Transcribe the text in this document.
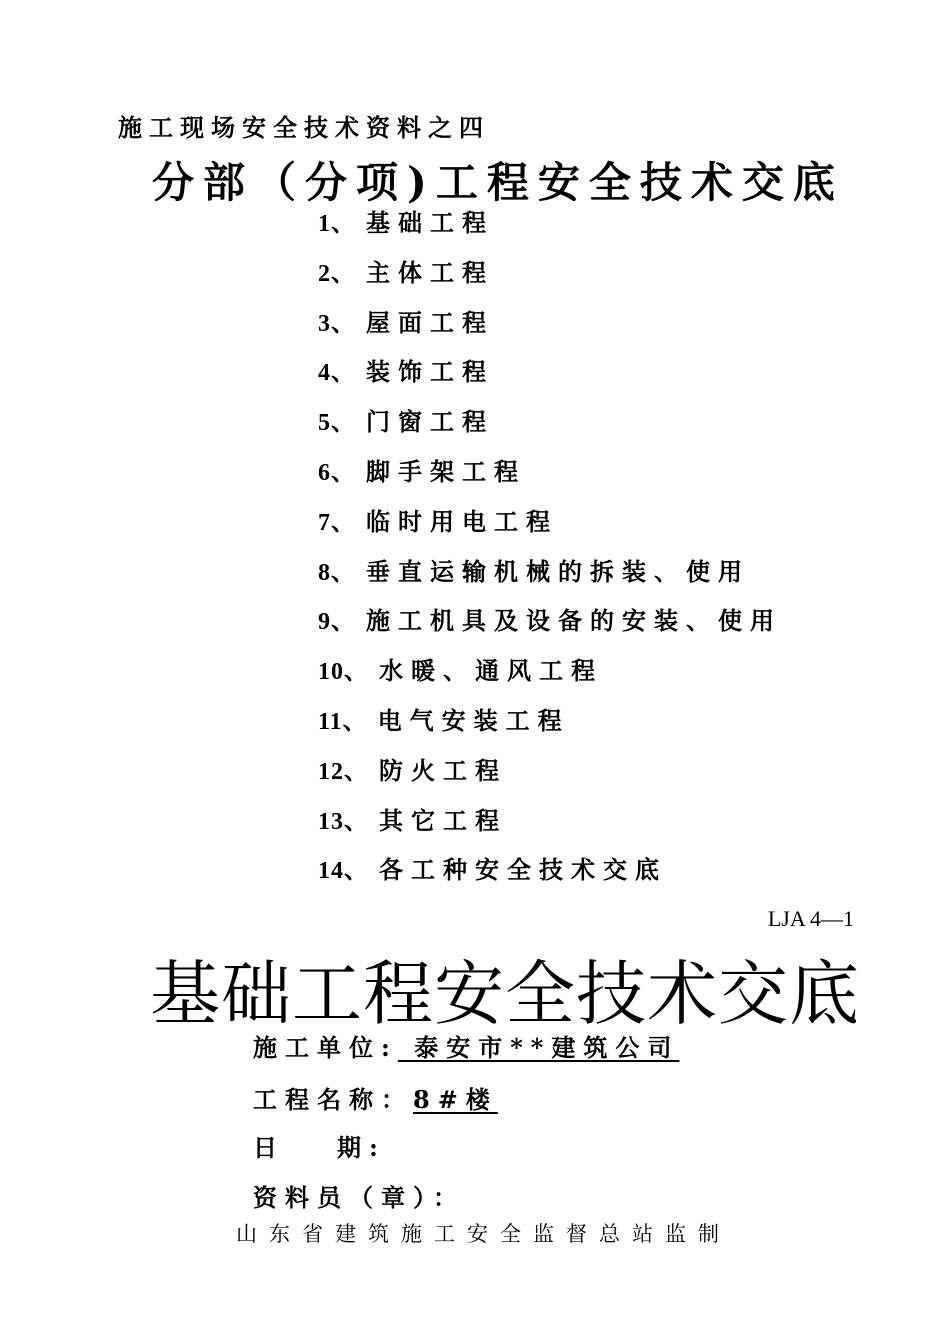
施工现场安全技术资料之四
分部（分项)工程安全技术交底
1、 基础工程
2、 主体工程
3、 屋面工程
4、 装饰工程
5、 门窗工程
6、 脚手架工程
7、 临时用电工程
8、 垂直运输机械的拆装、使用
9、 施工机具及设备的安装、使用
10、 水暖、通风工程
11、 电气安装工程
12、 防火工程
13、 其它工程
14、 各工种安全技术交底
LJA 4—1
基础工程安全技术交底
施工单位: 泰安市**建筑公司
工程名称：8#楼
日 期:
资料员（章）：
山东省建筑施工安全监督总站监制
